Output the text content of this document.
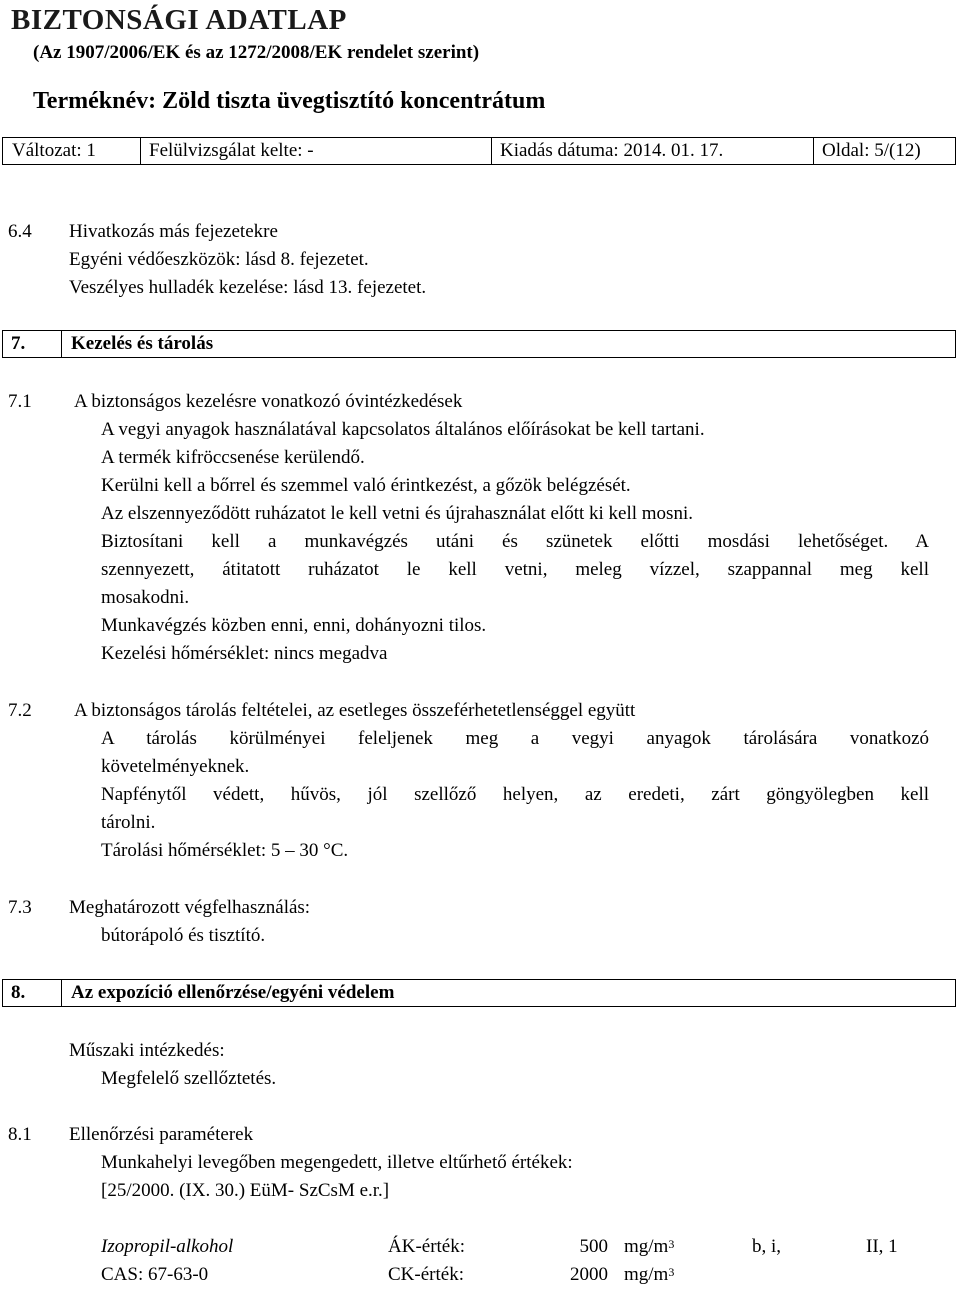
BIZTONSÁGI ADATLAP
(Az 1907/2006/EK és az 1272/2008/EK rendelet szerint)
Terméknév: Zöld tiszta üvegtisztító koncentrátum
Változat: 1	Felülvizsgálat kelte: -	Kiadás dátuma: 2014. 01. 17.	Oldal: 5/(12)
6.4 Hivatkozás más fejezetekre
Egyéni védőeszközök: lásd 8. fejezetet.
Veszélyes hulladék kezelése: lásd 13. fejezetet.
7. Kezelés és tárolás
7.1 A biztonságos kezelésre vonatkozó óvintézkedések
A vegyi anyagok használatával kapcsolatos általános előírásokat be kell tartani.
A termék kifröccsenése kerülendő.
Kerülni kell a bőrrel és szemmel való érintkezést, a gőzök belégzését.
Az elszennyeződött ruházatot le kell vetni és újrahasználat előtt ki kell mosni.
Biztosítani kell a munkavégzés utáni és szünetek előtti mosdási lehetőséget. A
szennyezett, átitatott ruházatot le kell vetni, meleg vízzel, szappannal meg kell
mosakodni.
Munkavégzés közben enni, enni, dohányozni tilos.
Kezelési hőmérséklet: nincs megadva
7.2 A biztonságos tárolás feltételei, az esetleges összeférhetetlenséggel együtt
A tárolás körülményei feleljenek meg a vegyi anyagok tárolására vonatkozó
követelményeknek.
Napfénytől védett, hűvös, jól szellőző helyen, az eredeti, zárt göngyölegben kell
tárolni.
Tárolási hőmérséklet: 5 – 30 °C.
7.3 Meghatározott végfelhasználás:
bútorápoló és tisztító.
8. Az expozíció ellenőrzése/egyéni védelem
Műszaki intézkedés:
Megfelelő szellőztetés.
8.1 Ellenőrzési paraméterek
Munkahelyi levegőben megengedett, illetve eltűrhető értékek:
[25/2000. (IX. 30.) EüM- SzCsM e.r.]
Izopropil-alkohol	ÁK-érték:	500 $mg/m^3$	b, i,	II, 1
CAS: 67-63-0	CK-érték:	2000 $mg/m^3$
